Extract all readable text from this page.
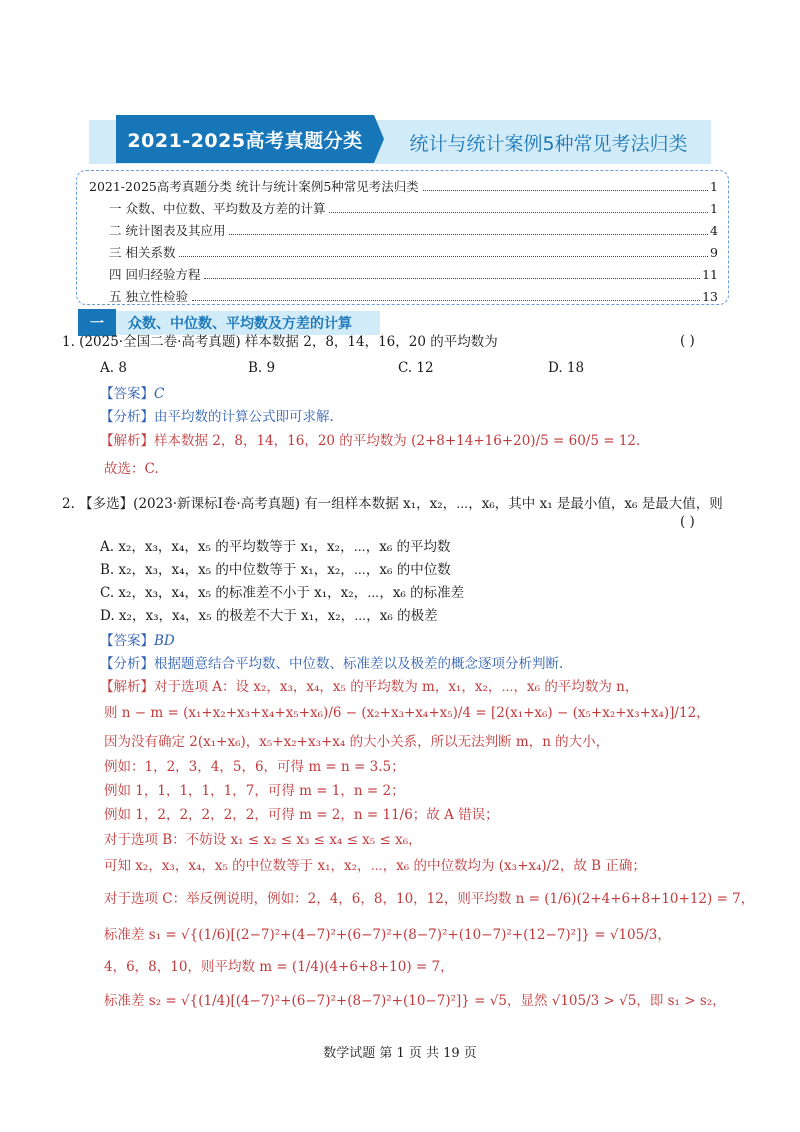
2021-2025高考真题分类	统计与统计案例5种常见考法归类
2021-2025高考真题分类 统计与统计案例5种常见考法归类	1
一 众数、中位数、平均数及方差的计算	1
二 统计图表及其应用	4
三 相关系数	9
四 回归经验方程	11
五 独立性检验	13
一	众数、中位数、平均数及方差的计算
1. (2025·全国二卷·高考真题) 样本数据 2，8，14，16，20 的平均数为	( )
A. 8	B. 9	C. 12	D. 18
【答案】C
【分析】由平均数的计算公式即可求解.
【解析】样本数据 2，8，14，16，20 的平均数为 (2+8+14+16+20)/5 = 60/5 = 12.
故选：C.
2. 【多选】(2023·新课标Ⅰ卷·高考真题) 有一组样本数据 x₁，x₂，⋯，x₆，其中 x₁ 是最小值，x₆ 是最大值，则
( )
A. x₂，x₃，x₄，x₅ 的平均数等于 x₁，x₂，⋯，x₆ 的平均数
B. x₂，x₃，x₄，x₅ 的中位数等于 x₁，x₂，⋯，x₆ 的中位数
C. x₂，x₃，x₄，x₅ 的标准差不小于 x₁，x₂，⋯，x₆ 的标准差
D. x₂，x₃，x₄，x₅ 的极差不大于 x₁，x₂，⋯，x₆ 的极差
【答案】BD
【分析】根据题意结合平均数、中位数、标准差以及极差的概念逐项分析判断.
【解析】对于选项 A：设 x₂，x₃，x₄，x₅ 的平均数为 m，x₁，x₂，⋯，x₆ 的平均数为 n，
则 n − m = (x₁+x₂+x₃+x₄+x₅+x₆)/6 − (x₂+x₃+x₄+x₅)/4 = [2(x₁+x₆) − (x₅+x₂+x₃+x₄)]/12，
因为没有确定 2(x₁+x₆)，x₅+x₂+x₃+x₄ 的大小关系，所以无法判断 m，n 的大小，
例如：1，2，3，4，5，6，可得 m = n = 3.5；
例如 1，1，1，1，1，7，可得 m = 1，n = 2；
例如 1，2，2，2，2，2，可得 m = 2，n = 11/6；故 A 错误；
对于选项 B：不妨设 x₁ ≤ x₂ ≤ x₃ ≤ x₄ ≤ x₅ ≤ x₆，
可知 x₂，x₃，x₄，x₅ 的中位数等于 x₁，x₂，⋯，x₆ 的中位数均为 (x₃+x₄)/2，故 B 正确；
对于选项 C：举反例说明，例如：2，4，6，8，10，12，则平均数 n = (1/6)(2+4+6+8+10+12) = 7，
标准差 s₁ = √{(1/6)[(2−7)²+(4−7)²+(6−7)²+(8−7)²+(10−7)²+(12−7)²]} = √105/3，
4，6，8，10，则平均数 m = (1/4)(4+6+8+10) = 7，
标准差 s₂ = √{(1/4)[(4−7)²+(6−7)²+(8−7)²+(10−7)²]} = √5，显然 √105/3 > √5，即 s₁ > s₂，
数学试题 第 1 页 共 19 页
